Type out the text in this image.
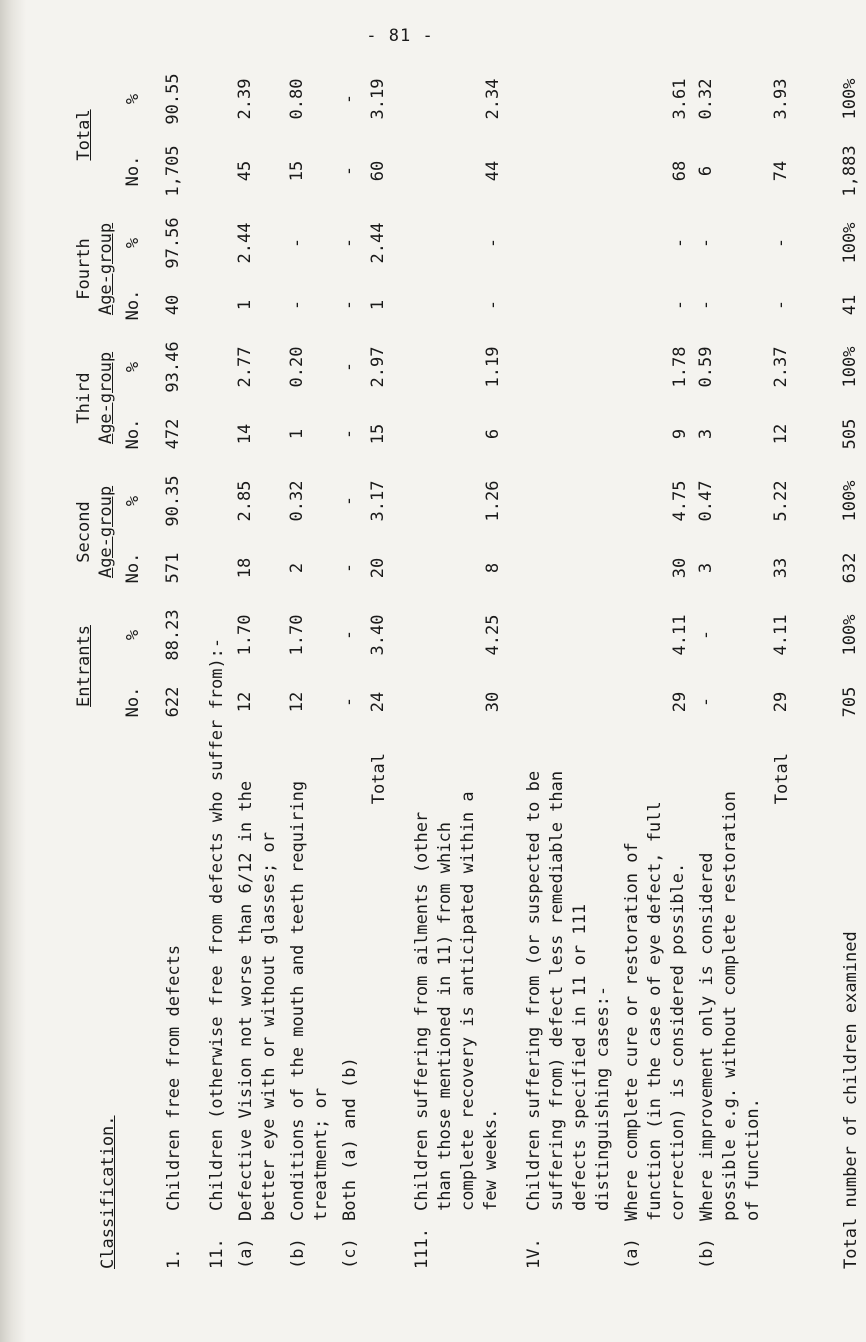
- 81 -
Classification.	Entrants		Second Age-group		Third Age-group		Fourth Age-group		Total	
	No.	%	No.	%	No.	%	No.	%	No.	%

1.Children free from defects	622	88.23	571	90.35	472	93.46	40	97.56	1,705	90.55

11.Children (otherwise free from defects who suffer from):-										
(a)Defective Vision not worse than 6/12 in the better eye with or without glasses; or	12	1.70	18	2.85	14	2.77	1	2.44	45	2.39
(b)Conditions of the mouth and teeth requiring treatment; or	12	1.70	2	0.32	1	0.20	-	-	15	0.80
(c)Both (a) and (b)	-	-	-	-	-	-	-	-	-	-
Total	24	3.40	20	3.17	15	2.97	1	2.44	60	3.19

111.Children suffering from ailments (other than those mentioned in 11) from which complete recovery is anticipated within a few weeks.	30	4.25	8	1.26	6	1.19	-	-	44	2.34

1V.Children suffering from (or suspected to be suffering from) defect less remediable than defects specified in 11 or 111 distinguishing cases:-										
(a)Where complete cure or restoration of function (in the case of eye defect, full correction) is considered possible.	29	4.11	30	4.75	9	1.78	-	-	68	3.61
(b)Where improvement only is considered possible e.g. without complete restoration of function.	-	-	3	0.47	3	0.59	-	-	6	0.32
Total	29	4.11	33	5.22	12	2.37	-	-	74	3.93

Total number of children examined	705	100%	632	100%	505	100%	41	100%	1,883	100%
